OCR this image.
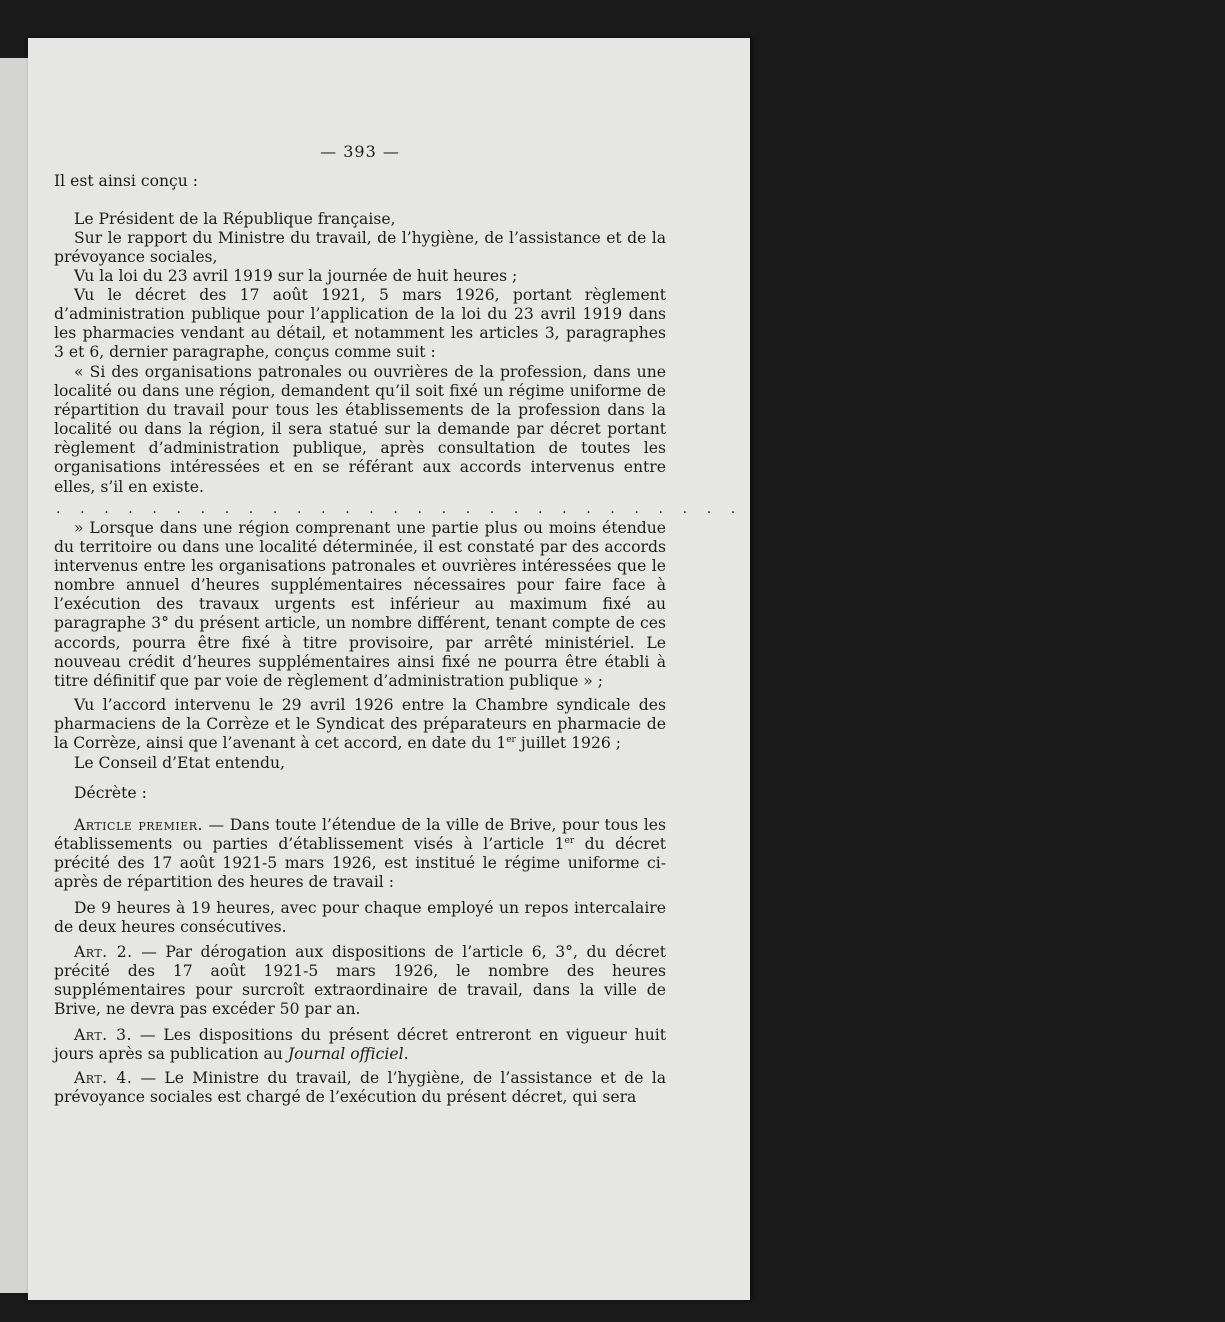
— 393 —
Il est ainsi conçu :
Le Président de la République française,
Sur le rapport du Ministre du travail, de l’hygiène, de l’assistance et de la prévoyance sociales,
Vu la loi du 23 avril 1919 sur la journée de huit heures ;
Vu le décret des 17 août 1921, 5 mars 1926, portant règlement d’administration publique pour l’application de la loi du 23 avril 1919 dans les pharmacies vendant au détail, et notamment les articles 3, paragraphes 3 et 6, dernier paragraphe, conçus comme suit :
« Si des organisations patronales ou ouvrières de la profession, dans une localité ou dans une région, demandent qu’il soit fixé un régime uniforme de répartition du travail pour tous les établissements de la profession dans la localité ou dans la région, il sera statué sur la demande par décret portant règlement d’administration publique, après consultation de toutes les organisations intéressées et en se référant aux accords intervenus entre elles, s’il en existe.
. . . . . . . . . . . . . . . . . . . . . . . . . . . . . . . . . . . . . . . . . . . . . . . . .
» Lorsque dans une région comprenant une partie plus ou moins étendue du territoire ou dans une localité déterminée, il est constaté par des accords intervenus entre les organisations patronales et ouvrières intéressées que le nombre annuel d’heures supplémentaires nécessaires pour faire face à l’exécution des travaux urgents est inférieur au maximum fixé au paragraphe 3° du présent article, un nombre différent, tenant compte de ces accords, pourra être fixé à titre provisoire, par arrêté ministériel. Le nouveau crédit d’heures supplémentaires ainsi fixé ne pourra être établi à titre définitif que par voie de règlement d’administration publique » ;
Vu l’accord intervenu le 29 avril 1926 entre la Chambre syndicale des pharmaciens de la Corrèze et le Syndicat des préparateurs en pharmacie de la Corrèze, ainsi que l’avenant à cet accord, en date du 1er juillet 1926 ;
Le Conseil d’Etat entendu,
Décrète :
Article premier. — Dans toute l’étendue de la ville de Brive, pour tous les établissements ou parties d’établissement visés à l’article 1er du décret précité des 17 août 1921-5 mars 1926, est institué le régime uniforme ci-après de répartition des heures de travail :
De 9 heures à 19 heures, avec pour chaque employé un repos intercalaire de deux heures consécutives.
Art. 2. — Par dérogation aux dispositions de l’article 6, 3°, du décret précité des 17 août 1921-5 mars 1926, le nombre des heures supplémentaires pour surcroît extraordinaire de travail, dans la ville de Brive, ne devra pas excéder 50 par an.
Art. 3. — Les dispositions du présent décret entreront en vigueur huit jours après sa publication au Journal officiel.
Art. 4. — Le Ministre du travail, de l’hygiène, de l’assistance et de la prévoyance sociales est chargé de l’exécution du présent décret, qui sera
